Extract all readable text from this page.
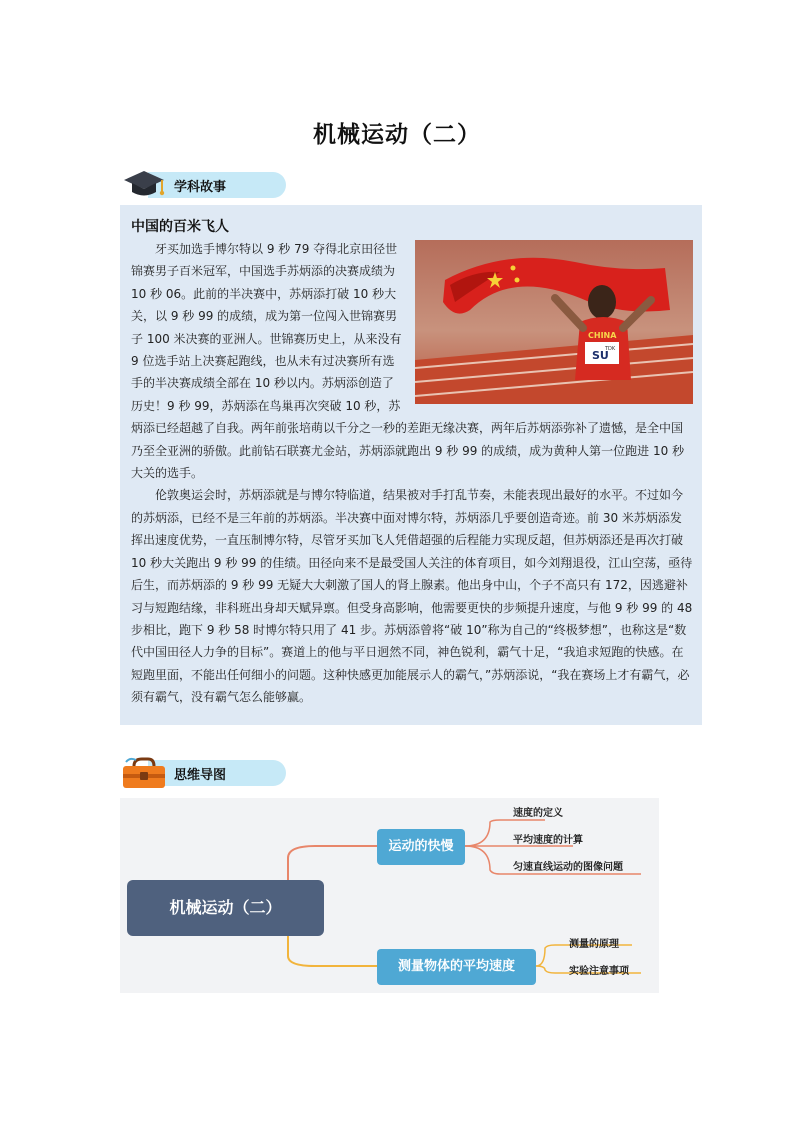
机械运动（二）
学科故事
中国的百米飞人
CHINA
SU
TDK

牙买加选手博尔特以 9 秒 79 夺得北京田径世锦赛男子百米冠军，中国选手苏炳添的决赛成绩为 10 秒 06。此前的半决赛中，苏炳添打破 10 秒大关，以 9 秒 99 的成绩，成为第一位闯入世锦赛男子 100 米决赛的亚洲人。世锦赛历史上，从来没有 9 位选手站上决赛起跑线，也从未有过决赛所有选手的半决赛成绩全部在 10 秒以内。苏炳添创造了历史！9 秒 99，苏炳添在鸟巢再次突破 10 秒，苏炳添已经超越了自我。两年前张培萌以千分之一秒的差距无缘决赛，两年后苏炳添弥补了遗憾，是全中国乃至全亚洲的骄傲。此前钻石联赛尤金站，苏炳添就跑出 9 秒 99 的成绩，成为黄种人第一位跑进 10 秒大关的选手。

伦敦奥运会时，苏炳添就是与博尔特临道，结果被对手打乱节奏，未能表现出最好的水平。不过如今的苏炳添，已经不是三年前的苏炳添。半决赛中面对博尔特，苏炳添几乎要创造奇迹。前 30 米苏炳添发挥出速度优势，一直压制博尔特，尽管牙买加飞人凭借超强的后程能力实现反超，但苏炳添还是再次打破 10 秒大关跑出 9 秒 99 的佳绩。田径向来不是最受国人关注的体育项目，如今刘翔退役，江山空荡，亟待后生，而苏炳添的 9 秒 99 无疑大大刺激了国人的肾上腺素。他出身中山，个子不高只有 172，因逃避补习与短跑结缘，非科班出身却天赋异禀。但受身高影响，他需要更快的步频提升速度，与他 9 秒 99 的 48 步相比，跑下 9 秒 58 时博尔特只用了 41 步。苏炳添曾将“破 10”称为自己的“终极梦想”，也称这是“数代中国田径人力争的目标”。赛道上的他与平日迥然不同，神色锐利，霸气十足，“我追求短跑的快感。在短跑里面，不能出任何细小的问题。这种快感更加能展示人的霸气，”苏炳添说，“我在赛场上才有霸气，必须有霸气，没有霸气怎么能够赢。

思维导图
机械运动（二）
运动的快慢
测量物体的平均速度
速度的定义
平均速度的计算
匀速直线运动的图像问题
测量的原理
实验注意事项
